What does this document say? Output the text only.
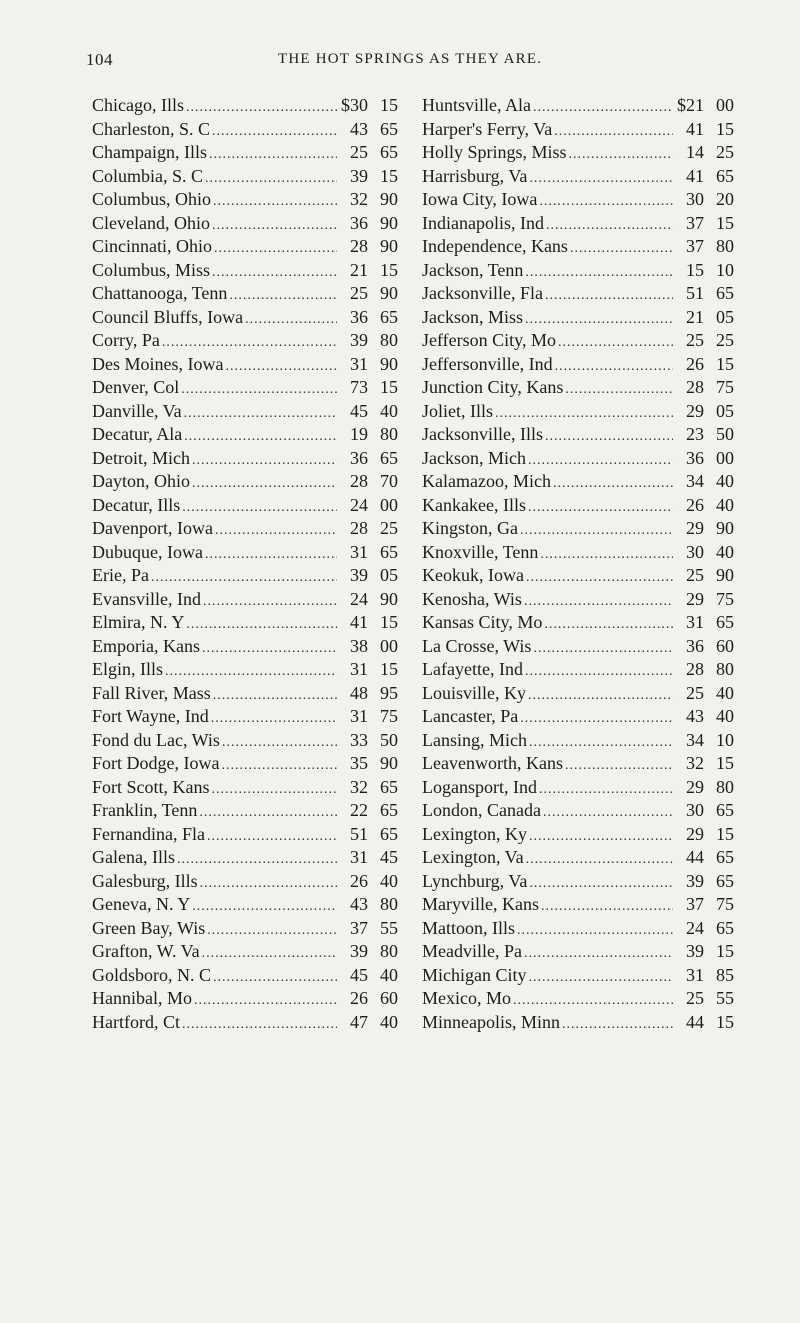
104	THE HOT SPRINGS AS THEY ARE.
Chicago, Ills .....	$30 15
Charleston, S. C .....	43 65
Champaign, Ills .....	25 65
Columbia, S. C .....	39 15
Columbus, Ohio .....	32 90
Cleveland, Ohio .....	36 90
Cincinnati, Ohio .....	28 90
Columbus, Miss .....	21 15
Chattanooga, Tenn .....	25 90
Council Bluffs, Iowa .....	36 65
Corry, Pa .....	39 80
Des Moines, Iowa .....	31 90
Denver, Col .....	73 15
Danville, Va .....	45 40
Decatur, Ala .....	19 80
Detroit, Mich .....	36 65
Dayton, Ohio .....	28 70
Decatur, Ills .....	24 00
Davenport, Iowa .....	28 25
Dubuque, Iowa .....	31 65
Erie, Pa .....	39 05
Evansville, Ind .....	24 90
Elmira, N. Y .....	41 15
Emporia, Kans .....	38 00
Elgin, Ills .....	31 15
Fall River, Mass .....	48 95
Fort Wayne, Ind .....	31 75
Fond du Lac, Wis .....	33 50
Fort Dodge, Iowa .....	35 90
Fort Scott, Kans .....	32 65
Franklin, Tenn .....	22 65
Fernandina, Fla .....	51 65
Galena, Ills .....	31 45
Galesburg, Ills .....	26 40
Geneva, N. Y .....	43 80
Green Bay, Wis .....	37 55
Grafton, W. Va .....	39 80
Goldsboro, N. C .....	45 40
Hannibal, Mo .....	26 60
Hartford, Ct .....	47 40
Huntsville, Ala .....	$21 00
Harper's Ferry, Va .....	41 15
Holly Springs, Miss .....	14 25
Harrisburg, Va .....	41 65
Iowa City, Iowa .....	30 20
Indianapolis, Ind .....	37 15
Independence, Kans .....	37 80
Jackson, Tenn .....	15 10
Jacksonville, Fla .....	51 65
Jackson, Miss .....	21 05
Jefferson City, Mo .....	25 25
Jeffersonville, Ind .....	26 15
Junction City, Kans .....	28 75
Joliet, Ills .....	29 05
Jacksonville, Ills .....	23 50
Jackson, Mich .....	36 00
Kalamazoo, Mich .....	34 40
Kankakee, Ills .....	26 40
Kingston, Ga .....	29 90
Knoxville, Tenn .....	30 40
Keokuk, Iowa .....	25 90
Kenosha, Wis .....	29 75
Kansas City, Mo .....	31 65
La Crosse, Wis .....	36 60
Lafayette, Ind .....	28 80
Louisville, Ky .....	25 40
Lancaster, Pa .....	43 40
Lansing, Mich .....	34 10
Leavenworth, Kans .....	32 15
Logansport, Ind .....	29 80
London, Canada .....	30 65
Lexington, Ky .....	29 15
Lexington, Va .....	44 65
Lynchburg, Va .....	39 65
Maryville, Kans .....	37 75
Mattoon, Ills .....	24 65
Meadville, Pa .....	39 15
Michigan City .....	31 85
Mexico, Mo .....	25 55
Minneapolis, Minn .....	44 15
